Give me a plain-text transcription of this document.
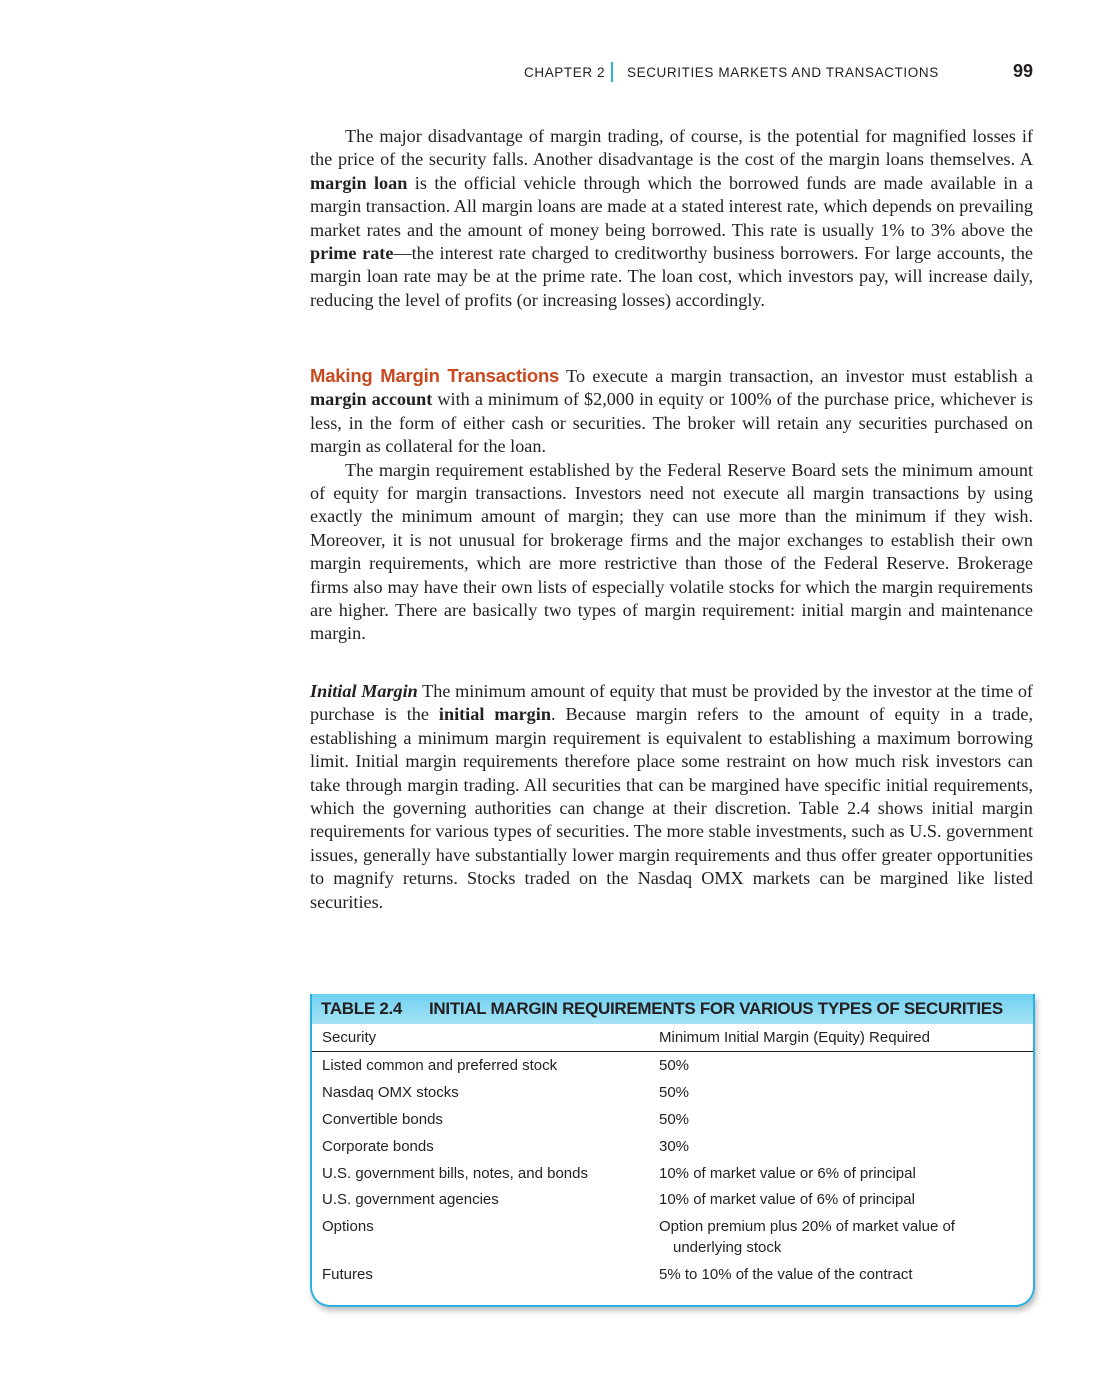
CHAPTER 2 SECURITIES MARKETS AND TRANSACTIONS	99

The major disadvantage of margin trading, of course, is the potential for magnified losses if the price of the security falls. Another disadvantage is the cost of the margin loans themselves. A margin loan is the official vehicle through which the borrowed funds are made available in a margin transaction. All margin loans are made at a stated interest rate, which depends on prevailing market rates and the amount of money being borrowed. This rate is usually 1% to 3% above the prime rate—the interest rate charged to creditworthy business borrowers. For large accounts, the margin loan rate may be at the prime rate. The loan cost, which investors pay, will increase daily, reducing the level of profits (or increasing losses) accordingly.

Making Margin Transactions To execute a margin transaction, an investor must establish a margin account with a minimum of $2,000 in equity or 100% of the purchase price, whichever is less, in the form of either cash or securities. The broker will retain any securities purchased on margin as collateral for the loan.

The margin requirement established by the Federal Reserve Board sets the minimum amount of equity for margin transactions. Investors need not execute all margin transactions by using exactly the minimum amount of margin; they can use more than the minimum if they wish. Moreover, it is not unusual for brokerage firms and the major exchanges to establish their own margin requirements, which are more restrictive than those of the Federal Reserve. Brokerage firms also may have their own lists of especially volatile stocks for which the margin requirements are higher. There are basically two types of margin requirement: initial margin and maintenance margin.

Initial Margin The minimum amount of equity that must be provided by the investor at the time of purchase is the initial margin. Because margin refers to the amount of equity in a trade, establishing a minimum margin requirement is equivalent to establishing a maximum borrowing limit. Initial margin requirements therefore place some restraint on how much risk investors can take through margin trading. All securities that can be margined have specific initial requirements, which the governing authorities can change at their discretion. Table 2.4 shows initial margin requirements for various types of securities. The more stable investments, such as U.S. government issues, generally have substantially lower margin requirements and thus offer greater opportunities to magnify returns. Stocks traded on the Nasdaq OMX markets can be margined like listed securities.

TABLE 2.4	INITIAL MARGIN REQUIREMENTS FOR VARIOUS TYPES OF SECURITIES
Security	Minimum Initial Margin (Equity) Required
Listed common and preferred stock	50%
Nasdaq OMX stocks	50%
Convertible bonds	50%
Corporate bonds	30%
U.S. government bills, notes, and bonds	10% of market value or 6% of principal
U.S. government agencies	10% of market value of 6% of principal
Options	Option premium plus 20% of market value of underlying stock
Futures	5% to 10% of the value of the contract
